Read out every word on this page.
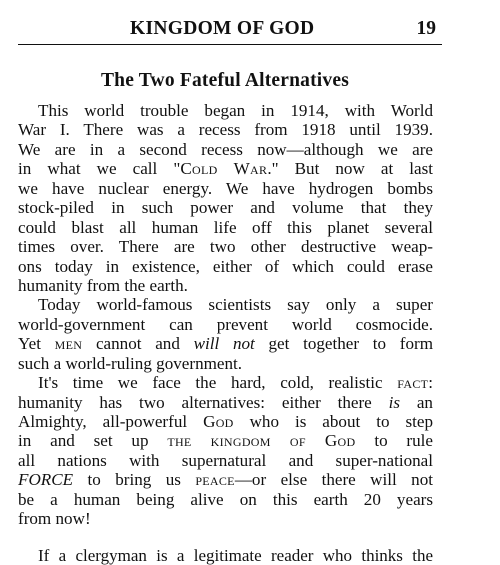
KINGDOM OF GOD	19
The Two Fateful Alternatives
This world trouble began in 1914, with World
War I. There was a recess from 1918 until 1939.
We are in a second recess now—although we are
in what we call "Cold War." But now at last
we have nuclear energy. We have hydrogen bombs
stock-piled in such power and volume that they
could blast all human life off this planet several
times over. There are two other destructive weap-
ons today in existence, either of which could erase
humanity from the earth.
Today world-famous scientists say only a super
world-government can prevent world cosmocide.
Yet men cannot and will not get together to form
such a world-ruling government.
It's time we face the hard, cold, realistic fact:
humanity has two alternatives: either there is an
Almighty, all-powerful God who is about to step
in and set up the kingdom of God to rule
all nations with supernatural and super-national
FORCE to bring us peace—or else there will not
be a human being alive on this earth 20 years
from now!
If a clergyman is a legitimate reader who thinks the
